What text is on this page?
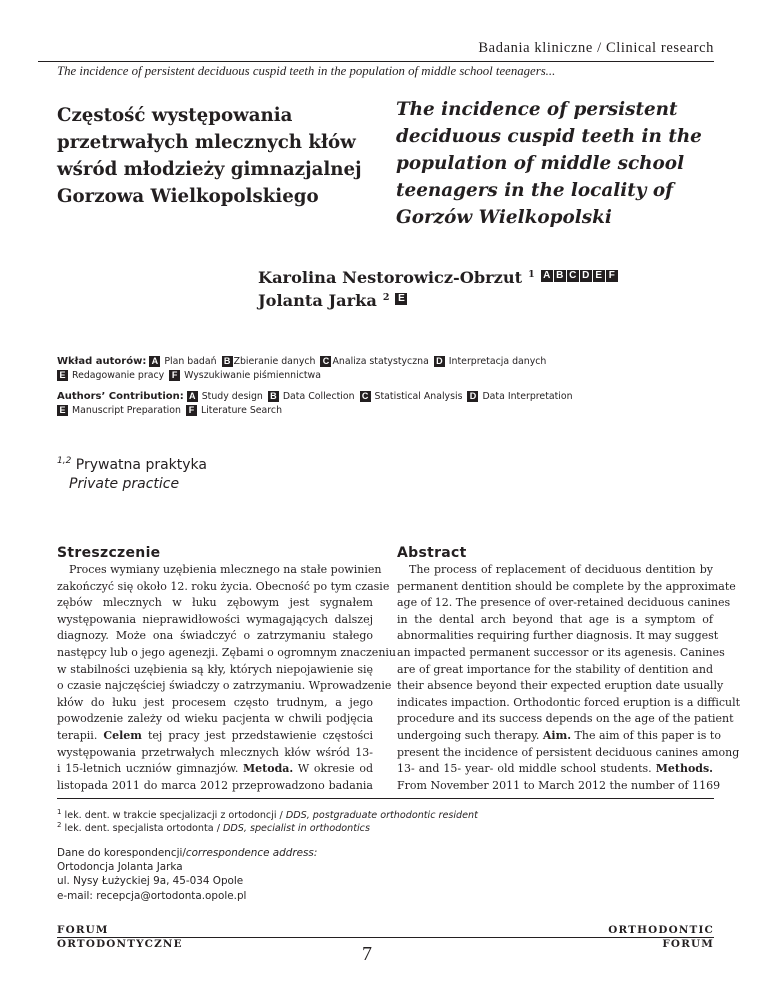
Badania kliniczne / Clinical research
The incidence of persistent deciduous cuspid teeth in the population of middle school teenagers...
Częstość występowania
przetrwałych mlecznych kłów
wśród młodzieży gimnazjalnej
Gorzowa Wielkopolskiego
The incidence of persistent
deciduous cuspid teeth in the
population of middle school
teenagers in the locality of
Gorzów Wielkopolski
Karolina Nestorowicz-Obrzut $^1$ A B C D E F
Jolanta Jarka $^2$ E
Wkład autorów: A Plan badań B Zbieranie danych C Analiza statystyczna D Interpretacja danych
E Redagowanie pracy F Wyszukiwanie piśmiennictwa
Authors’ Contribution: A Study design B Data Collection C Statistical Analysis D Data Interpretation
E Manuscript Preparation F Literature Search
$^{1,2}$ Prywatna praktyka
Private practice
Streszczenie
Proces wymiany uzębienia mlecznego na stałe powinien
zakończyć się około 12. roku życia. Obecność po tym czasie
zębów mlecznych w łuku zębowym jest sygnałem
występowania nieprawidłowości wymagających dalszej
diagnozy. Może ona świadczyć o zatrzymaniu stałego
następcy lub o jego agenezji. Zębami o ogromnym znaczeniu
w stabilności uzębienia są kły, których niepojawienie się
o czasie najczęściej świadczy o zatrzymaniu. Wprowadzenie
kłów do łuku jest procesem często trudnym, a jego
powodzenie zależy od wieku pacjenta w chwili podjęcia
terapii. Celem tej pracy jest przedstawienie częstości
występowania przetrwałych mlecznych kłów wśród 13-
i 15-letnich uczniów gimnazjów. Metoda. W okresie od
listopada 2011 do marca 2012 przeprowadzono badania
Abstract
The process of replacement of deciduous dentition by
permanent dentition should be complete by the approximate
age of 12. The presence of over-retained deciduous canines
in the dental arch beyond that age is a symptom of
abnormalities requiring further diagnosis. It may suggest
an impacted permanent successor or its agenesis. Canines
are of great importance for the stability of dentition and
their absence beyond their expected eruption date usually
indicates impaction. Orthodontic forced eruption is a difficult
procedure and its success depends on the age of the patient
undergoing such therapy. Aim. The aim of this paper is to
present the incidence of persistent deciduous canines among
13- and 15- year- old middle school students. Methods.
From November 2011 to March 2012 the number of 1169
$^1$ lek. dent. w trakcie specjalizacji z ortodoncji / DDS, postgraduate orthodontic resident
$^2$ lek. dent. specjalista ortodonta / DDS, specialist in orthodontics
Dane do korespondencji/correspondence address:
Ortodoncja Jolanta Jarka
ul. Nysy Łużyckiej 9a, 45-034 Opole
e-mail: recepcja@ortodonta.opole.pl
FORUM
ORTODONTYCZNE
ORTHODONTIC
FORUM
7
